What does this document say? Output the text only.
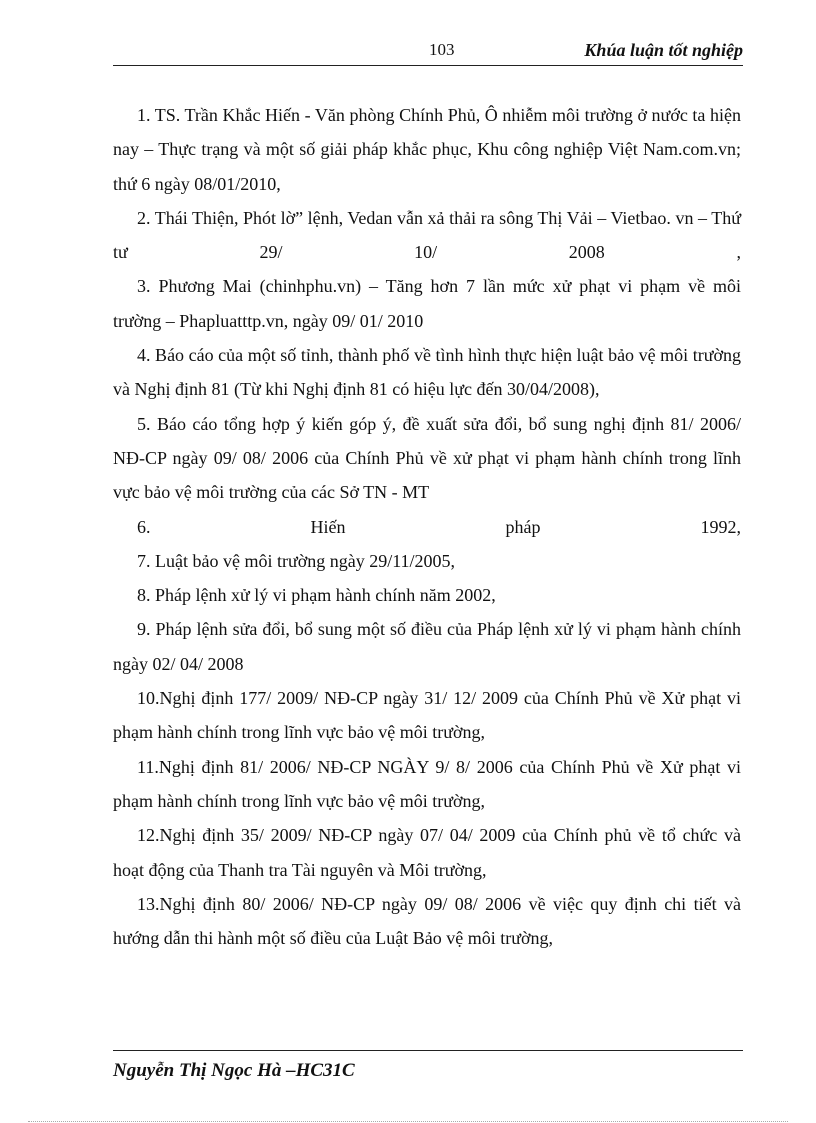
103	Khúa luận tốt nghiệp

1. TS. Trần Khắc Hiến - Văn phòng Chính Phủ, Ô nhiễm môi trường ở nước ta hiện nay – Thực trạng và một số giải pháp khắc phục, Khu công nghiệp Việt Nam.com.vn; thứ 6 ngày 08/01/2010,

2. Thái Thiện, Phót lờ” lệnh, Vedan vẫn xả thải ra sông Thị Vải – Vietbao. vn – Thứ tư 29/ 10/ 2008 ,

3. Phương Mai (chinhphu.vn) – Tăng hơn 7 lần mức xử phạt vi phạm về môi trường – Phapluatttp.vn, ngày 09/ 01/ 2010

4. Báo cáo của một số tỉnh, thành phố về tình hình thực hiện luật bảo vệ môi trường và Nghị định 81 (Từ khi Nghị định 81 có hiệu lực đến 30/04/2008),

5. Báo cáo tổng hợp ý kiến góp ý, đề xuất sửa đổi, bổ sung nghị định 81/ 2006/ NĐ-CP ngày 09/ 08/ 2006 của Chính Phủ về xử phạt vi phạm hành chính trong lĩnh vực bảo vệ môi trường của các Sở TN - MT

6. Hiến pháp 1992,

7. Luật bảo vệ môi trường ngày 29/11/2005,

8. Pháp lệnh xử lý vi phạm hành chính năm 2002,

9. Pháp lệnh sửa đổi, bổ sung một số điều của Pháp lệnh xử lý vi phạm hành chính ngày 02/ 04/ 2008

10.Nghị định 177/ 2009/ NĐ-CP ngày 31/ 12/ 2009 của Chính Phủ về Xử phạt vi phạm hành chính trong lĩnh vực bảo vệ môi trường,

11.Nghị định 81/ 2006/ NĐ-CP NGÀY 9/ 8/ 2006 của Chính Phủ về Xử phạt vi phạm hành chính trong lĩnh vực bảo vệ môi trường,

12.Nghị định 35/ 2009/ NĐ-CP ngày 07/ 04/ 2009 của Chính phủ về tổ chức và hoạt động của Thanh tra Tài nguyên và Môi trường,

13.Nghị định 80/ 2006/ NĐ-CP ngày 09/ 08/ 2006 về việc quy định chi tiết và hướng dẫn thi hành một số điều của Luật Bảo vệ môi trường,

Nguyễn Thị Ngọc Hà –HC31C
